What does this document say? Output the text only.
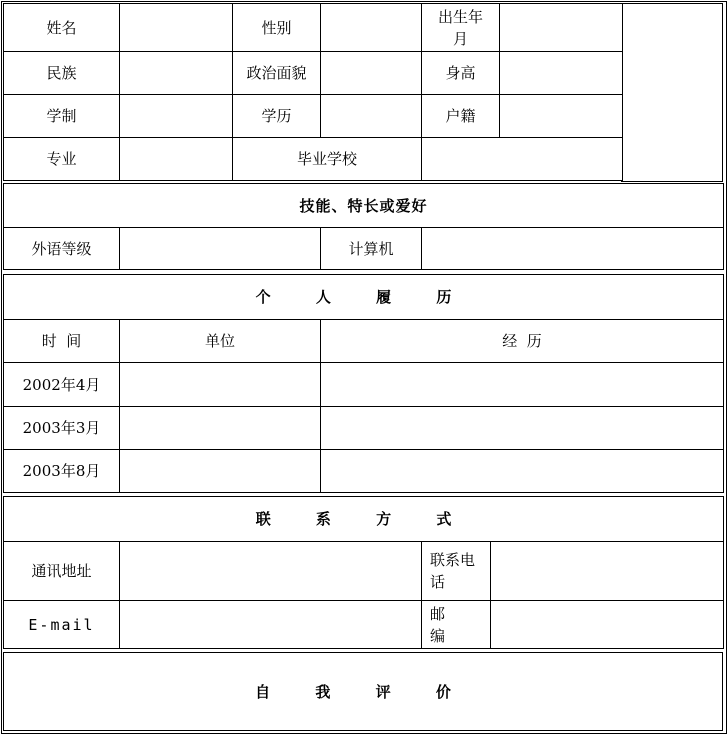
姓名		性别		出生年月	
民族		政治面貌		身高	
学制		学历		户籍	
专业		毕业学校			
技能、特长或爱好
外语等级		计算机	
个 人 履 历		
时  间	单位	经  历
2002年4月		
2003年3月		
2003年8月		
联 系 方 式			
通讯地址		联系电话	
E-mail		邮编	
自 我 评 价
